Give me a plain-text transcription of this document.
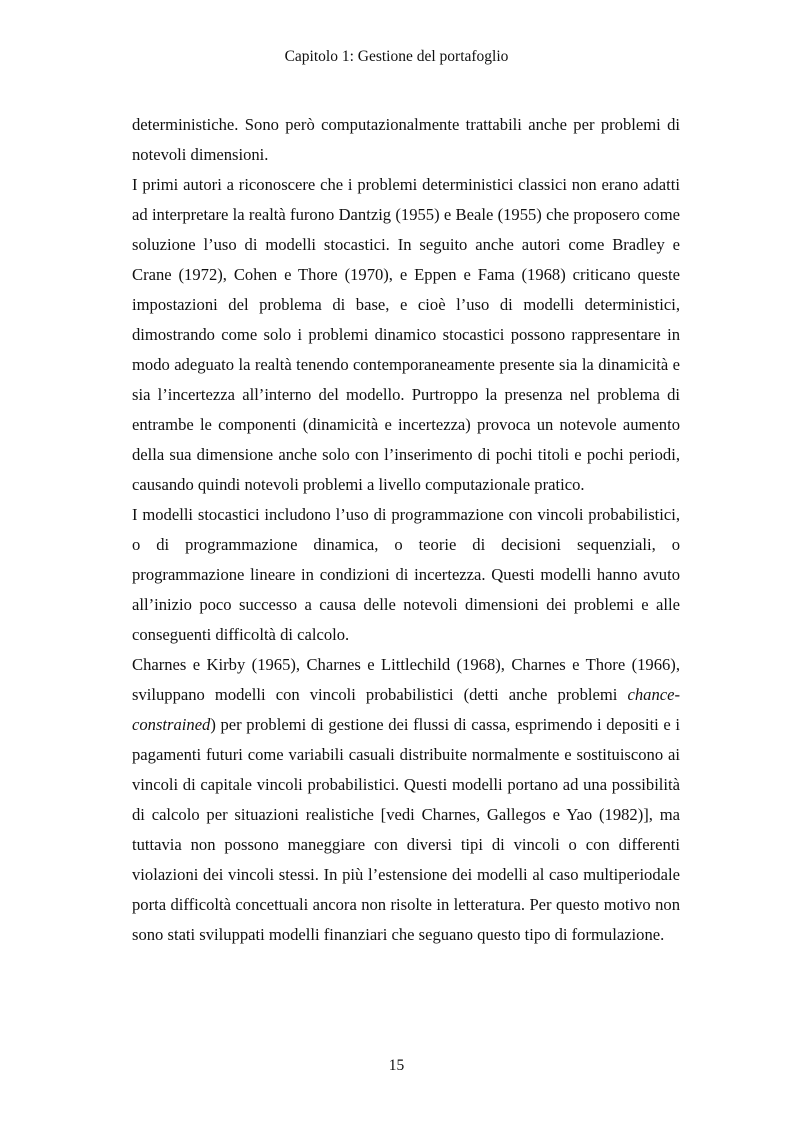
Capitolo 1: Gestione del portafoglio

deterministiche. Sono però computazionalmente trattabili anche per problemi di notevoli dimensioni.

I primi autori a riconoscere che i problemi deterministici classici non erano adatti ad interpretare la realtà furono Dantzig (1955) e Beale (1955) che proposero come soluzione l’uso di modelli stocastici. In seguito anche autori come Bradley e Crane (1972), Cohen e Thore (1970), e Eppen e Fama (1968) criticano queste impostazioni del problema di base, e cioè l’uso di modelli deterministici, dimostrando come solo i problemi dinamico stocastici possono rappresentare in modo adeguato la realtà tenendo contemporaneamente presente sia la dinamicità e sia l’incertezza all’interno del modello. Purtroppo la presenza nel problema di entrambe le componenti (dinamicità e incertezza) provoca un notevole aumento della sua dimensione anche solo con l’inserimento di pochi titoli e pochi periodi, causando quindi notevoli problemi a livello computazionale pratico.

I modelli stocastici includono l’uso di programmazione con vincoli probabilistici, o di programmazione dinamica, o teorie di decisioni sequenziali, o programmazione lineare in condizioni di incertezza. Questi modelli hanno avuto all’inizio poco successo a causa delle notevoli dimensioni dei problemi e alle conseguenti difficoltà di calcolo.

Charnes e Kirby (1965), Charnes e Littlechild (1968), Charnes e Thore (1966), sviluppano modelli con vincoli probabilistici (detti anche problemi chance-constrained) per problemi di gestione dei flussi di cassa, esprimendo i depositi e i pagamenti futuri come variabili casuali distribuite normalmente e sostituiscono ai vincoli di capitale vincoli probabilistici. Questi modelli portano ad una possibilità di calcolo per situazioni realistiche [vedi Charnes, Gallegos e Yao (1982)], ma tuttavia non possono maneggiare con diversi tipi di vincoli o con differenti violazioni dei vincoli stessi. In più l’estensione dei modelli al caso multiperiodale porta difficoltà concettuali ancora non risolte in letteratura. Per questo motivo non sono stati sviluppati modelli finanziari che seguano questo tipo di formulazione.

15
